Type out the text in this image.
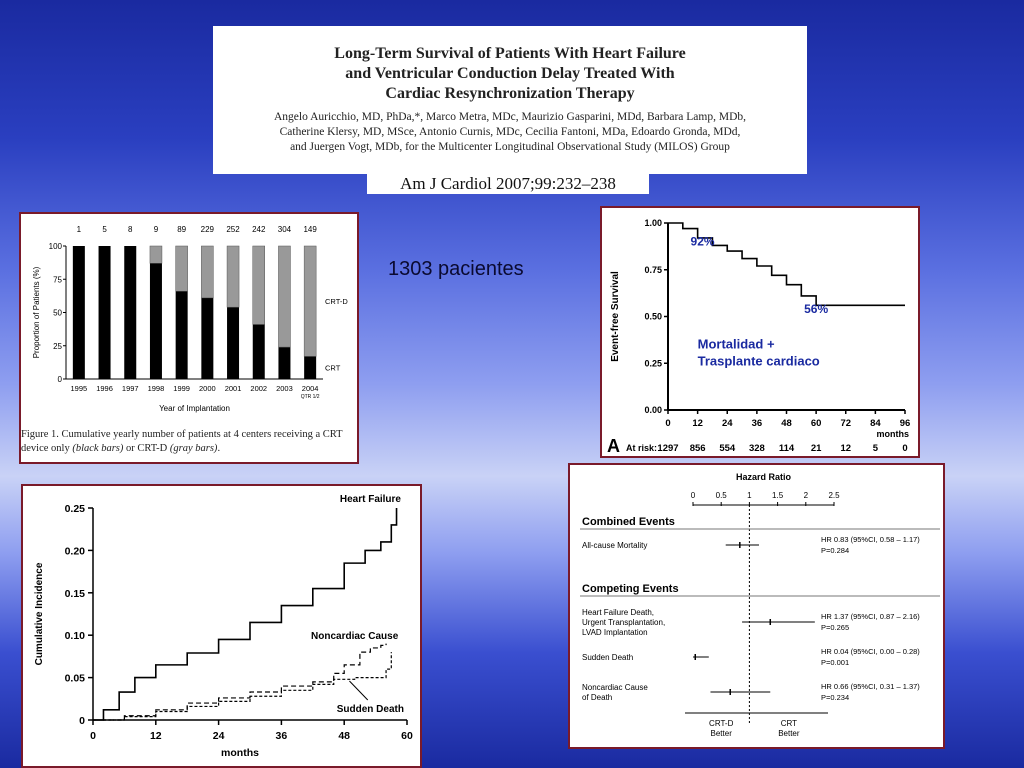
Long-Term Survival of Patients With Heart Failure
and Ventricular Conduction Delay Treated With
Cardiac Resynchronization Therapy
Angelo Auricchio, MD, PhDa,*, Marco Metra, MDc, Maurizio Gasparini, MDd, Barbara Lamp, MDb,
Catherine Klersy, MD, MSce, Antonio Curnis, MDc, Cecilia Fantoni, MDa, Edoardo Gronda, MDd,
and Juergen Vogt, MDb, for the Multicenter Longitudinal Observational Study (MILOS) Group
Am J Cardiol 2007;99:232–238
1303 pacientes
0
25
50
75
100
1
1995
5
1996
8
1997
9
1998
89
1999
229
2000
252
2001
242
2002
304
2003
149
2004
QTR 1/2
CRT-D
CRT
Year of Implantation
Proportion of Patients (%)
Figure 1. Cumulative yearly number of patients at 4 centers receiving a CRT device only (black bars) or CRT-D (gray bars).
0.00
0.25
0.50
0.75
1.00
0 12 24 36 48 60 72 84 96
months
Event-free Survival
92%
56%
Mortalidad +
Trasplante cardiaco
A At risk: 1297 856 554 328 114 21 12 5	0
0
0.05
0.10
0.15
0.20
0.25
0	12	24	36	48	60
months
Cumulative Incidence
Heart Failure
Noncardiac Cause
Sudden Death
Hazard Ratio
0	0.5	1	1.5	2	2.5
Combined Events
Competing Events
All-cause Mortality
HR 0.83 (95%CI, 0.58 – 1.17)
P=0.284
Heart Failure Death,
Urgent Transplantation,
LVAD Implantation
HR 1.37 (95%CI, 0.87 – 2.16)
P=0.265
Sudden Death
HR 0.04 (95%CI, 0.00 – 0.28)
P=0.001
Noncardiac Cause
of Death
HR 0.66 (95%CI, 0.31 – 1.37)
P=0.234
CRT-D
Better
CRT
Better
